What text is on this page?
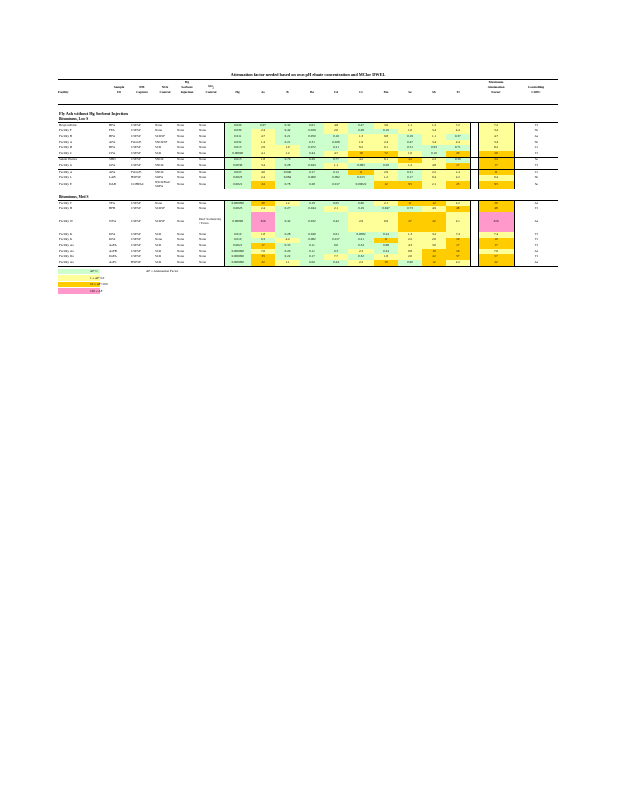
Attenuation factor needed based on own pH eluate concentration and MClor DWEL
				Hg													Maximum	
	Sample	PM	NOx	Sorbent	$SO_2$												Attenuation	Controlling
Facility	ID	Capture	Control	Injection	Control	Hg	As	B	Ba	Cd	Cr	Mo	Se	Sb	Tl		Factor	COPC
Fly Ash without Hg Sorbent Injection																		
Bituminous, Low S																		
BraytonPoint	BFA	CSESP	None	None	None	0.020	0.07	0.32	0.01	4.8	0.27	3.9	1.1	1.2	7.2		7.2	Tl
Facility F	FFA	CSESP	None	None	None	0.039	2.4	0.42	0.029	2.0	0.28	0.19	1.0	3.4	4.4		3.4	Sb
Facility B	BFA	CSESP	SCRSF	None	None	0.011	4.7	0.21	0.050	0.16	1.3	9.8	0.19	1.1	0.37		4.7	As
Facility A	AFA	FabricF.	SNCRSF	None	None	0.032	1.4	0.21	0.31	0.028	1.9	2.4	0.47	3.4	2.4		3.4	Sb
Facility B	BFA	CSESP	SCR	None	None	0.013	2.9	1.0	0.072	0.21	8.2	9.1	0.51	0.93	0.71		8.2	Cr
Facility C	CFA	CSESP	SCR	None	None	0.00090	4.1	1.2	0.44	4.7	19	72	1.0	0.10	29		29	Tl
Salem Harbor	SHD	CSESP	SNCR	None	None	0.013	1.8	0.70	0.29	0.77	4.2	9.1	24	2.2	0.39		24	Se
Facility G	GFA	CSESP	SNCR	None	None	0.0036	3.4	0.28	0.043	1.1	0.083	0.29	1.2	4.8	17		17	Tl
Facility A	AFA	FabricF.	SNCR	None	None	0.023	4.0	0.040	0.17	0.12	11	2.9	0.21	2.2	1.4		11	Cr
Facility L	LAB	HSESP	SOFA	None	None	0.0023	2.4	0.084	0.060	0.092	0.013	1.2	0.17	9.4	2.2		9.4	Sb
Facility E	DAB	COHPAC	NSCRFuel/ SOFA	None	None	0.0021	24	0.78	0.28	0.017	0.00022	12	93	2.1	23		93	Se

Bituminous, Med S																		
Facility T	TFA	CSESP	None	None	None	0.000090	20	1.2	0.19	0.05	0.60	2.1	11	12	2.2		20	As
Facility B	BFB	CSESP	SCRSF	None	None	0.0023	2.4	0.27	0.044	2.1	0.19	0.047	0.73	4.9	48		48	Tl
Facility W	WFA	CSESP	SCRSF	None	Duct Sorbent Inj / Trona	0.00090	320	0.42	0.032	0.42	2.9	9.9	27	22	2.1		320	As
Facility K	KFA	CSESP	SCR	None	None	0.010	1.8	0.28	0.040	0.01	0.0082	0.24	1.3	3.2	7.4		7.4	Tl
Facility K	KFA	CSESP	None	None	None	0.010	0.3	4.4	0.082	0.017	0.21	11	2.2	2.0	19		19	Tl
Facility Aa	AaFA	CSESP	SCR	None	None	0.0021	17	0.33	0.11	0.0	0.34	0.68	4.3	3.0	17		17	Tl
Facility Aa	AaFB	CSESP	SCR	None	None	0.000090	7.6	0.29	0.11	0.3	2.3	0.24	9.8	10	19		7.6	As
Facility Da	DaFA	CSESP	SCR	None	None	0.000090	33	0.22	0.17	7.7	0.32	1.8	2.0	22	57		57	Tl
Facility Aa	AaFC	HSESP	SCR	None	None	0.000090	22	1.1	0.02	0.24	2.2	19	0.90	12	2.2		22	As
AF<1	AF = Attenuation Factor
1 ≤ AF<10
10 ≤ AF<100
100 ≤ AF
